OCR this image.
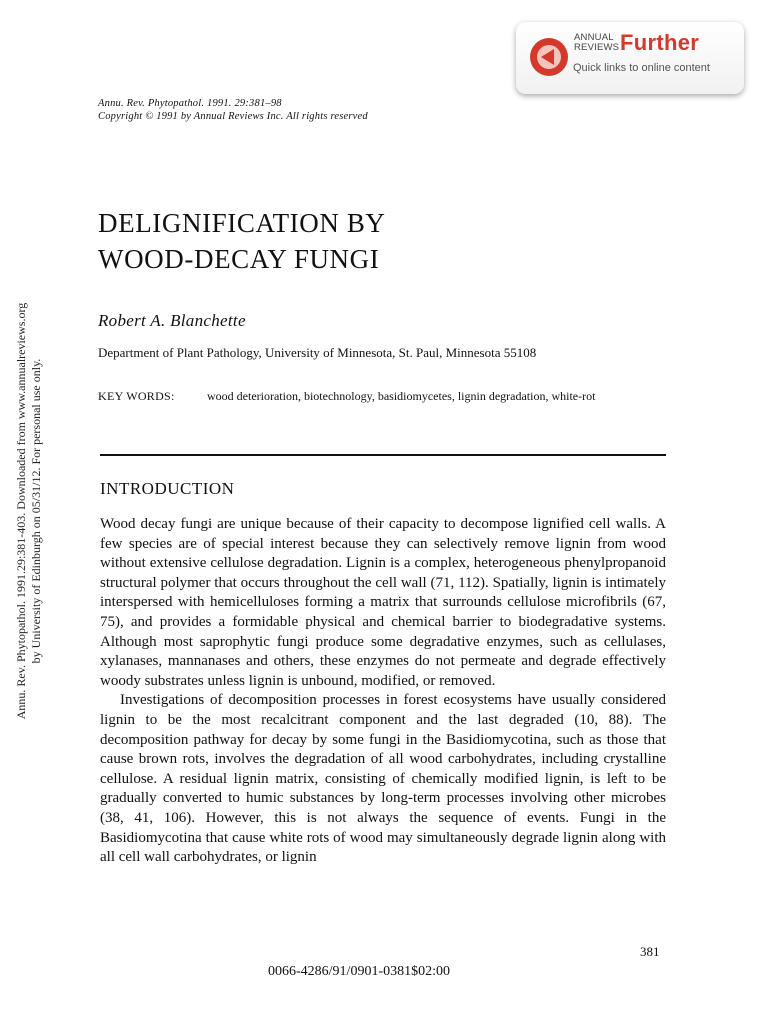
ANNUAL
REVIEWS Further
Quick links to online content
Annu. Rev. Phytopathol. 1991. 29:381–98
Copyright © 1991 by Annual Reviews Inc. All rights reserved
Annu. Rev. Phytopathol. 1991.29:381-403. Downloaded from www.annualreviews.org by University of Edinburgh on 05/31/12. For personal use only.
DELIGNIFICATION BY
WOOD-DECAY FUNGI
Robert A. Blanchette
Department of Plant Pathology, University of Minnesota, St. Paul, Minnesota 55108
KEY WORDS:	wood deterioration, biotechnology, basidiomycetes, lignin degradation, white-rot
INTRODUCTION

Wood decay fungi are unique because of their capacity to decompose lignified cell walls. A few species are of special interest because they can selectively remove lignin from wood without extensive cellulose degradation. Lignin is a complex, heterogeneous phenylpropanoid structural polymer that occurs throughout the cell wall (71, 112). Spatially, lignin is intimately interspersed with hemicelluloses forming a matrix that surrounds cellulose microfibrils (67, 75), and provides a formidable physical and chemical barrier to biodegradative systems. Although most saprophytic fungi produce some degradative enzymes, such as cellulases, xylanases, mannanases and others, these enzymes do not permeate and degrade effectively woody substrates unless lignin is unbound, modified, or removed.

Investigations of decomposition processes in forest ecosystems have usually considered lignin to be the most recalcitrant component and the last degraded (10, 88). The decomposition pathway for decay by some fungi in the Basidiomycotina, such as those that cause brown rots, involves the degradation of all wood carbohydrates, including crystalline cellulose. A residual lignin matrix, consisting of chemically modified lignin, is left to be gradually converted to humic substances by long-term processes involving other microbes (38, 41, 106). However, this is not always the sequence of events. Fungi in the Basidiomycotina that cause white rots of wood may simultaneously degrade lignin along with all cell wall carbohydrates, or lignin

381
0066-4286/91/0901-0381$02:00
